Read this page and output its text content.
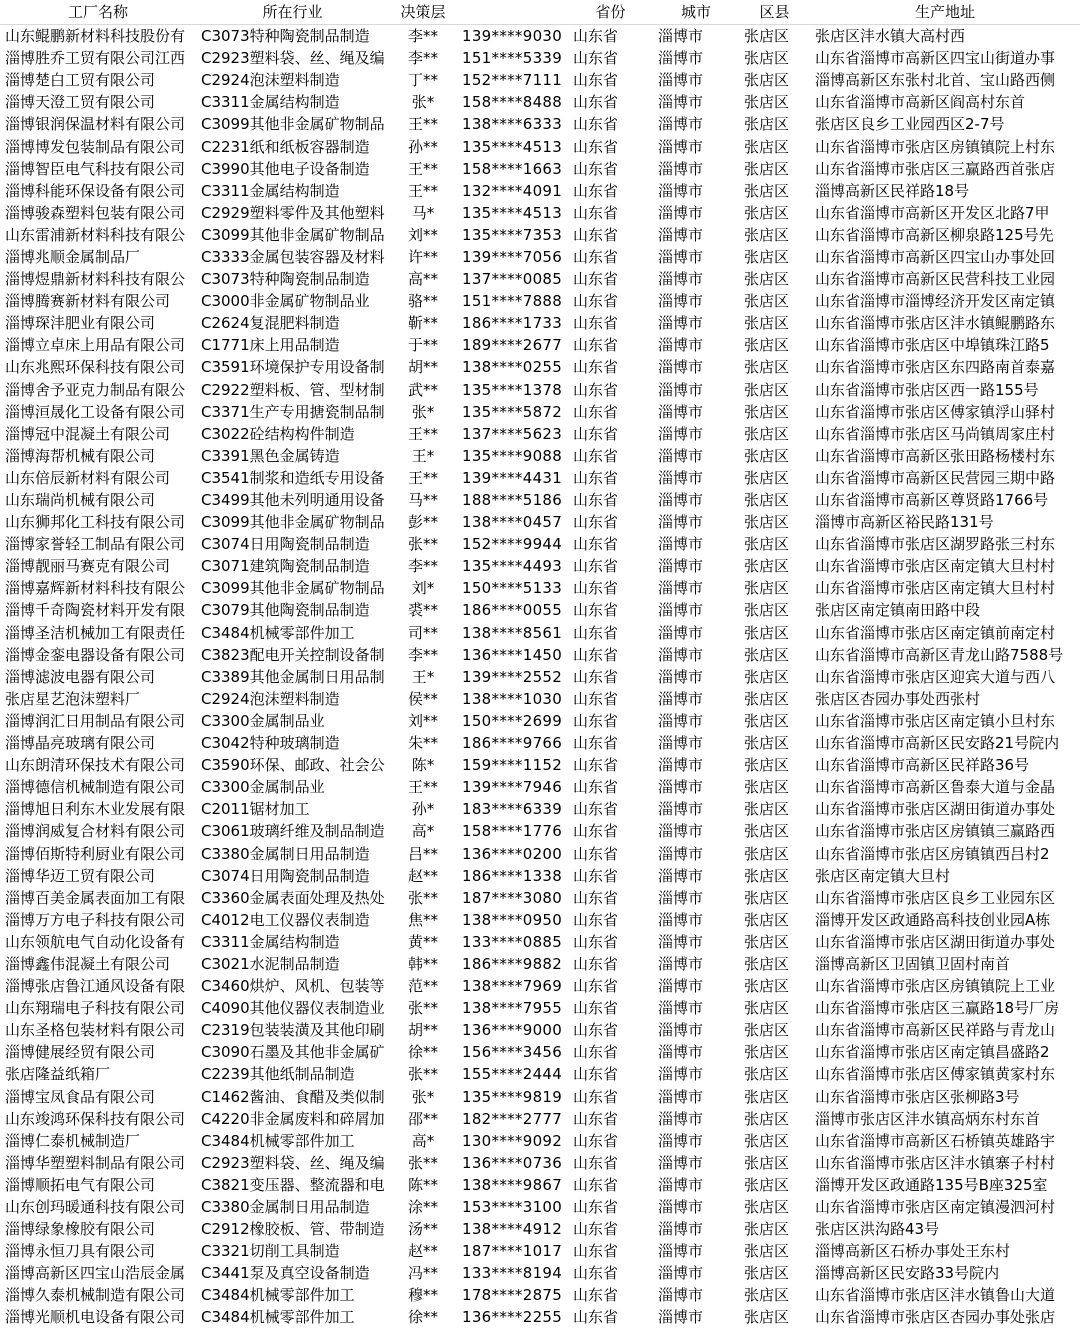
工厂名称	所在行业	决策层		省份	城市	区县	生产地址
山东鲲鹏新材料科技股份有	C3073特种陶瓷制品制造	李**	139****9030	山东省	淄博市	张店区	张店区沣水镇大高村西
淄博胜乔工贸有限公司江西	C2923塑料袋、丝、绳及编	李**	151****5339	山东省	淄博市	张店区	山东省淄博市高新区四宝山街道办事
淄博楚白工贸有限公司	C2924泡沫塑料制造	丁**	152****7111	山东省	淄博市	张店区	淄博高新区东张村北首、宝山路西侧
淄博天澄工贸有限公司	C3311金属结构制造	张*	158****8488	山东省	淄博市	张店区	山东省淄博市高新区阎高村东首
淄博银润保温材料有限公司	C3099其他非金属矿物制品	王**	138****6333	山东省	淄博市	张店区	张店区良乡工业园西区2-7号
淄博博发包装制品有限公司	C2231纸和纸板容器制造	孙**	135****4513	山东省	淄博市	张店区	山东省淄博市张店区房镇镇院上村东
淄博智臣电气科技有限公司	C3990其他电子设备制造	王**	158****1663	山东省	淄博市	张店区	山东省淄博市张店区三赢路西首张店
淄博科能环保设备有限公司	C3311金属结构制造	王**	132****4091	山东省	淄博市	张店区	淄博高新区民祥路18号
淄博骏森塑料包装有限公司	C2929塑料零件及其他塑料	马*	135****4513	山东省	淄博市	张店区	山东省淄博市高新区开发区北路7甲
山东雷浦新材料科技有限公	C3099其他非金属矿物制品	刘**	135****7353	山东省	淄博市	张店区	山东省淄博市高新区柳泉路125号先
淄博兆顺金属制品厂	C3333金属包装容器及材料	许**	139****7056	山东省	淄博市	张店区	山东省淄博市高新区四宝山办事处回
淄博煜鼎新材料科技有限公	C3073特种陶瓷制品制造	高**	137****0085	山东省	淄博市	张店区	山东省淄博市高新区民营科技工业园
淄博腾赛新材料有限公司	C3000非金属矿物制品业	骆**	151****7888	山东省	淄博市	张店区	山东省淄博市淄博经济开发区南定镇
淄博琛沣肥业有限公司	C2624复混肥料制造	靳**	186****1733	山东省	淄博市	张店区	山东省淄博市张店区沣水镇鲲鹏路东
淄博立卓床上用品有限公司	C1771床上用品制造	于**	189****2677	山东省	淄博市	张店区	山东省淄博市张店区中埠镇珠江路5
山东兆熙环保科技有限公司	C3591环境保护专用设备制	胡**	138****0255	山东省	淄博市	张店区	山东省淄博市张店区东四路南首泰嘉
淄博舍予亚克力制品有限公	C2922塑料板、管、型材制	武**	135****1378	山东省	淄博市	张店区	山东省淄博市张店区西一路155号
淄博洹晟化工设备有限公司	C3371生产专用搪瓷制品制	张*	135****5872	山东省	淄博市	张店区	山东省淄博市张店区傅家镇浮山驿村
淄博冠中混凝土有限公司	C3022砼结构构件制造	王**	137****5623	山东省	淄博市	张店区	山东省淄博市张店区马尚镇周家庄村
淄博海帮机械有限公司	C3391黑色金属铸造	王*	135****9088	山东省	淄博市	张店区	山东省淄博市高新区张田路杨楼村东
山东倍辰新材料有限公司	C3541制浆和造纸专用设备	王**	139****4431	山东省	淄博市	张店区	山东省淄博市高新区民营园三期中路
山东瑞尚机械有限公司	C3499其他未列明通用设备	马**	188****5186	山东省	淄博市	张店区	山东省淄博市高新区尊贤路1766号
山东狮邦化工科技有限公司	C3099其他非金属矿物制品	彭**	138****0457	山东省	淄博市	张店区	淄博市高新区裕民路131号
淄博家誉轻工制品有限公司	C3074日用陶瓷制品制造	张**	152****9944	山东省	淄博市	张店区	山东省淄博市张店区湖罗路张三村东
淄博靓丽马赛克有限公司	C3071建筑陶瓷制品制造	李**	135****4493	山东省	淄博市	张店区	山东省淄博市张店区南定镇大旦村村
淄博嘉辉新材料科技有限公	C3099其他非金属矿物制品	刘*	150****5133	山东省	淄博市	张店区	山东省淄博市张店区南定镇大旦村村
淄博千奇陶瓷材料开发有限	C3079其他陶瓷制品制造	裘**	186****0055	山东省	淄博市	张店区	张店区南定镇南田路中段
淄博圣洁机械加工有限责任	C3484机械零部件加工	司**	138****8561	山东省	淄博市	张店区	山东省淄博市张店区南定镇前南定村
淄博金銮电器设备有限公司	C3823配电开关控制设备制	李**	136****1450	山东省	淄博市	张店区	山东省淄博市高新区青龙山路7588号
淄博滤波电器有限公司	C3389其他金属制日用品制	王*	139****2552	山东省	淄博市	张店区	山东省淄博市张店区迎宾大道与西八
张店星艺泡沫塑料厂	C2924泡沫塑料制造	侯**	138****1030	山东省	淄博市	张店区	张店区杏园办事处西张村
淄博润汇日用制品有限公司	C3300金属制品业	刘**	150****2699	山东省	淄博市	张店区	山东省淄博市张店区南定镇小旦村东
淄博晶亮玻璃有限公司	C3042特种玻璃制造	朱**	186****9766	山东省	淄博市	张店区	山东省淄博市高新区民安路21号院内
山东朗清环保技术有限公司	C3590环保、邮政、社会公	陈*	159****1152	山东省	淄博市	张店区	山东省淄博市高新区民祥路36号
淄博德信机械制造有限公司	C3300金属制品业	王**	139****7946	山东省	淄博市	张店区	山东省淄博市高新区鲁泰大道与金晶
淄博旭日利东木业发展有限	C2011锯材加工	孙*	183****6339	山东省	淄博市	张店区	山东省淄博市张店区湖田街道办事处
淄博润威复合材料有限公司	C3061玻璃纤维及制品制造	高*	158****1776	山东省	淄博市	张店区	山东省淄博市张店区房镇镇三赢路西
淄博佰斯特利厨业有限公司	C3380金属制日用品制造	吕**	136****0200	山东省	淄博市	张店区	山东省淄博市张店区房镇镇西吕村2
淄博华迈工贸有限公司	C3074日用陶瓷制品制造	赵**	186****1338	山东省	淄博市	张店区	张店区南定镇大旦村
淄博百美金属表面加工有限	C3360金属表面处理及热处	张**	187****3080	山东省	淄博市	张店区	山东省淄博市张店区良乡工业园东区
淄博万方电子科技有限公司	C4012电工仪器仪表制造	焦**	138****0950	山东省	淄博市	张店区	淄博开发区政通路高科技创业园A栋
山东领航电气自动化设备有	C3311金属结构制造	黄**	133****0885	山东省	淄博市	张店区	山东省淄博市张店区湖田街道办事处
淄博鑫伟混凝土有限公司	C3021水泥制品制造	韩**	186****9882	山东省	淄博市	张店区	淄博高新区卫固镇卫固村南首
淄博张店鲁江通风设备有限	C3460烘炉、风机、包装等	范**	138****7969	山东省	淄博市	张店区	山东省淄博市张店区房镇镇院上工业
山东翔瑞电子科技有限公司	C4090其他仪器仪表制造业	张**	138****7955	山东省	淄博市	张店区	山东省淄博市张店区三赢路18号厂房
山东圣格包装材料有限公司	C2319包装装潢及其他印刷	胡**	136****9000	山东省	淄博市	张店区	山东省淄博市高新区民祥路与青龙山
淄博健展经贸有限公司	C3090石墨及其他非金属矿	徐**	156****3456	山东省	淄博市	张店区	山东省淄博市张店区南定镇昌盛路2
张店隆益纸箱厂	C2239其他纸制品制造	张**	155****2444	山东省	淄博市	张店区	山东省淄博市张店区傅家镇黄家村东
淄博宝凤食品有限公司	C1462酱油、食醋及类似制	张*	135****9819	山东省	淄博市	张店区	山东省淄博市张店区张柳路3号
山东竣鸿环保科技有限公司	C4220非金属废料和碎屑加	邵**	182****2777	山东省	淄博市	张店区	淄博市张店区沣水镇高炳东村东首
淄博仁泰机械制造厂	C3484机械零部件加工	高*	130****9092	山东省	淄博市	张店区	山东省淄博市高新区石桥镇英雄路宇
淄博华塑塑料制品有限公司	C2923塑料袋、丝、绳及编	张**	136****0736	山东省	淄博市	张店区	山东省淄博市张店区沣水镇寨子村村
淄博顺拓电气有限公司	C3821变压器、整流器和电	陈**	138****9867	山东省	淄博市	张店区	淄博开发区政通路135号B座325室
山东创玛暖通科技有限公司	C3380金属制日用品制造	涂**	153****3100	山东省	淄博市	张店区	山东省淄博市张店区南定镇漫泗河村
淄博绿象橡胶有限公司	C2912橡胶板、管、带制造	汤**	138****4912	山东省	淄博市	张店区	张店区洪沟路43号
淄博永恒刀具有限公司	C3321切削工具制造	赵**	187****1017	山东省	淄博市	张店区	淄博高新区石桥办事处王东村
淄博高新区四宝山浩辰金属	C3441泵及真空设备制造	冯**	133****8194	山东省	淄博市	张店区	淄博高新区民安路33号院内
淄博久泰机械制造有限公司	C3484机械零部件加工	穆**	178****2875	山东省	淄博市	张店区	山东省淄博市张店区沣水镇鲁山大道
淄博光顺机电设备有限公司	C3484机械零部件加工	徐**	136****2255	山东省	淄博市	张店区	山东省淄博市张店区杏园办事处张店
